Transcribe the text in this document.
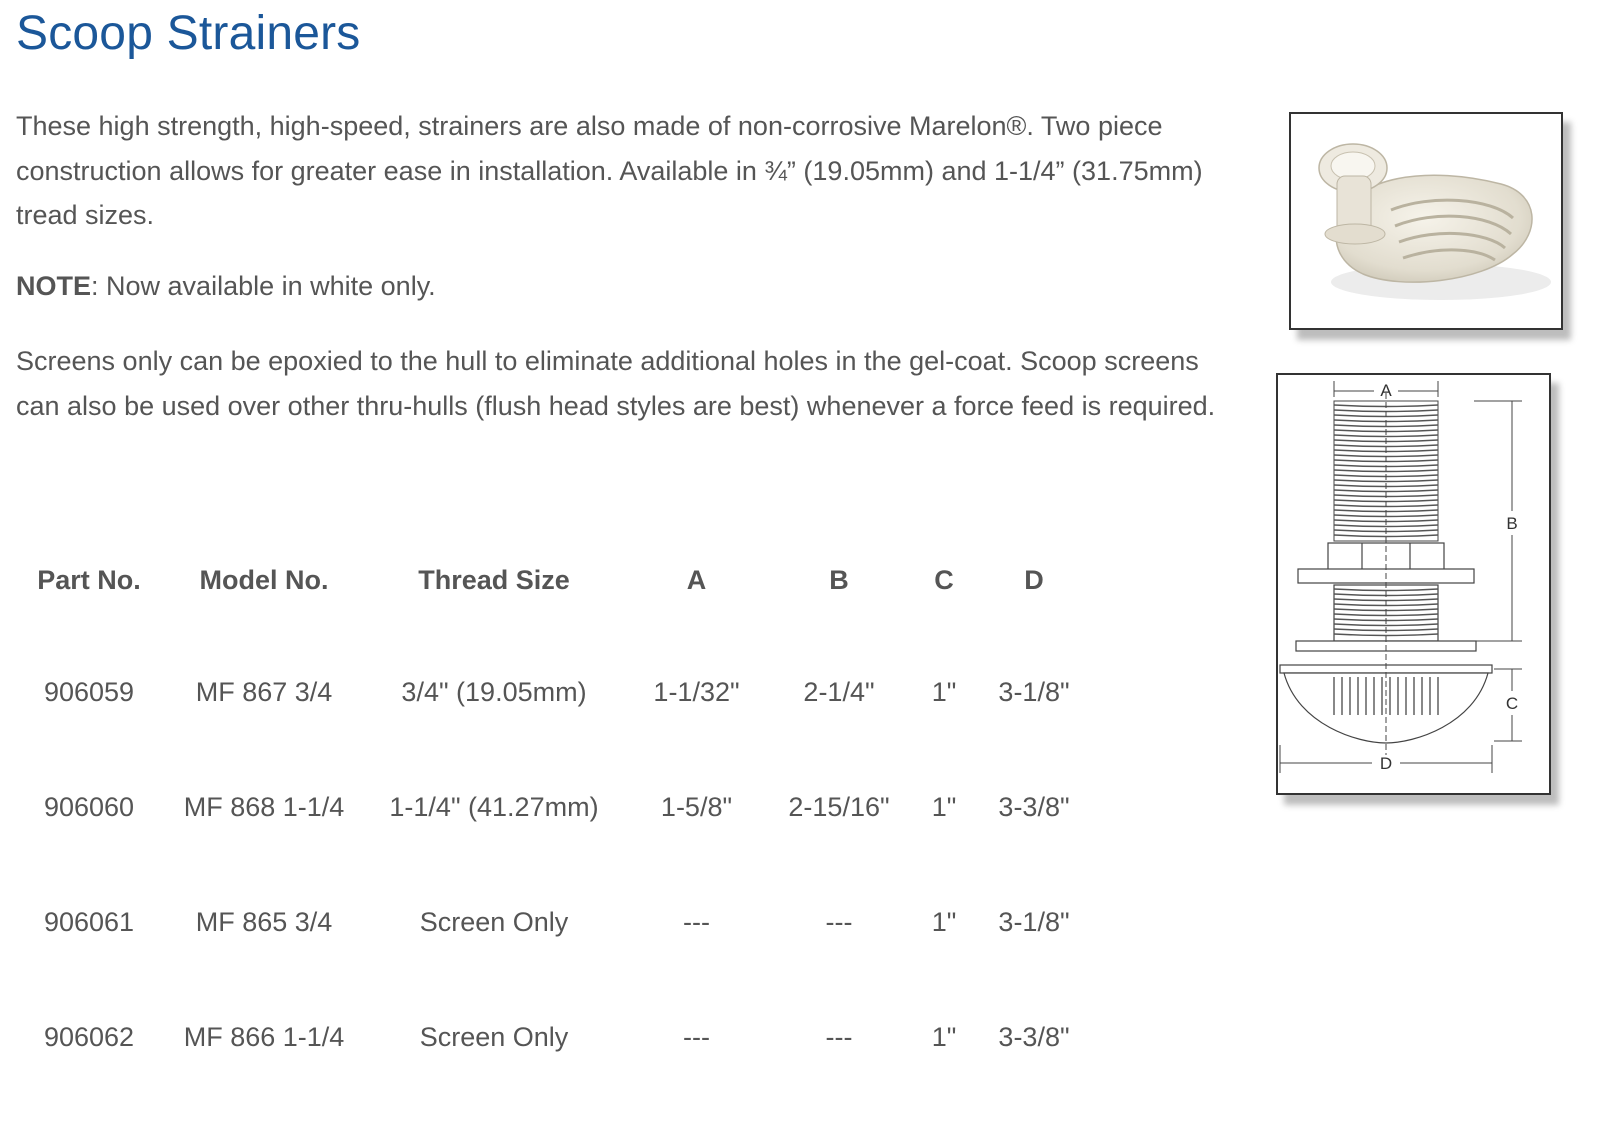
Scoop Strainers

These high strength, high-speed, strainers are also made of non-corrosive Marelon®. Two piece construction allows for greater ease in installation. Available in ¾” (19.05mm) and 1-1/4” (31.75mm) tread sizes.

NOTE: Now available in white only.

Screens only can be epoxied to the hull to eliminate additional holes in the gel-coat. Scoop screens can also be used over other thru-hulls (flush head styles are best) whenever a force feed is required.

Part No.	Model No.	Thread Size	A	B	C	D
906059	MF 867 3/4	3/4" (19.05mm)	1-1/32"	2-1/4"	1"	3-1/8"
906060	MF 868 1-1/4	1-1/4" (41.27mm)	1-5/8"	2-15/16"	1"	3-3/8"
906061	MF 865 3/4	Screen Only	---	---	1"	3-1/8"
906062	MF 866 1-1/4	Screen Only	---	---	1"	3-3/8"
A
B
C
D
